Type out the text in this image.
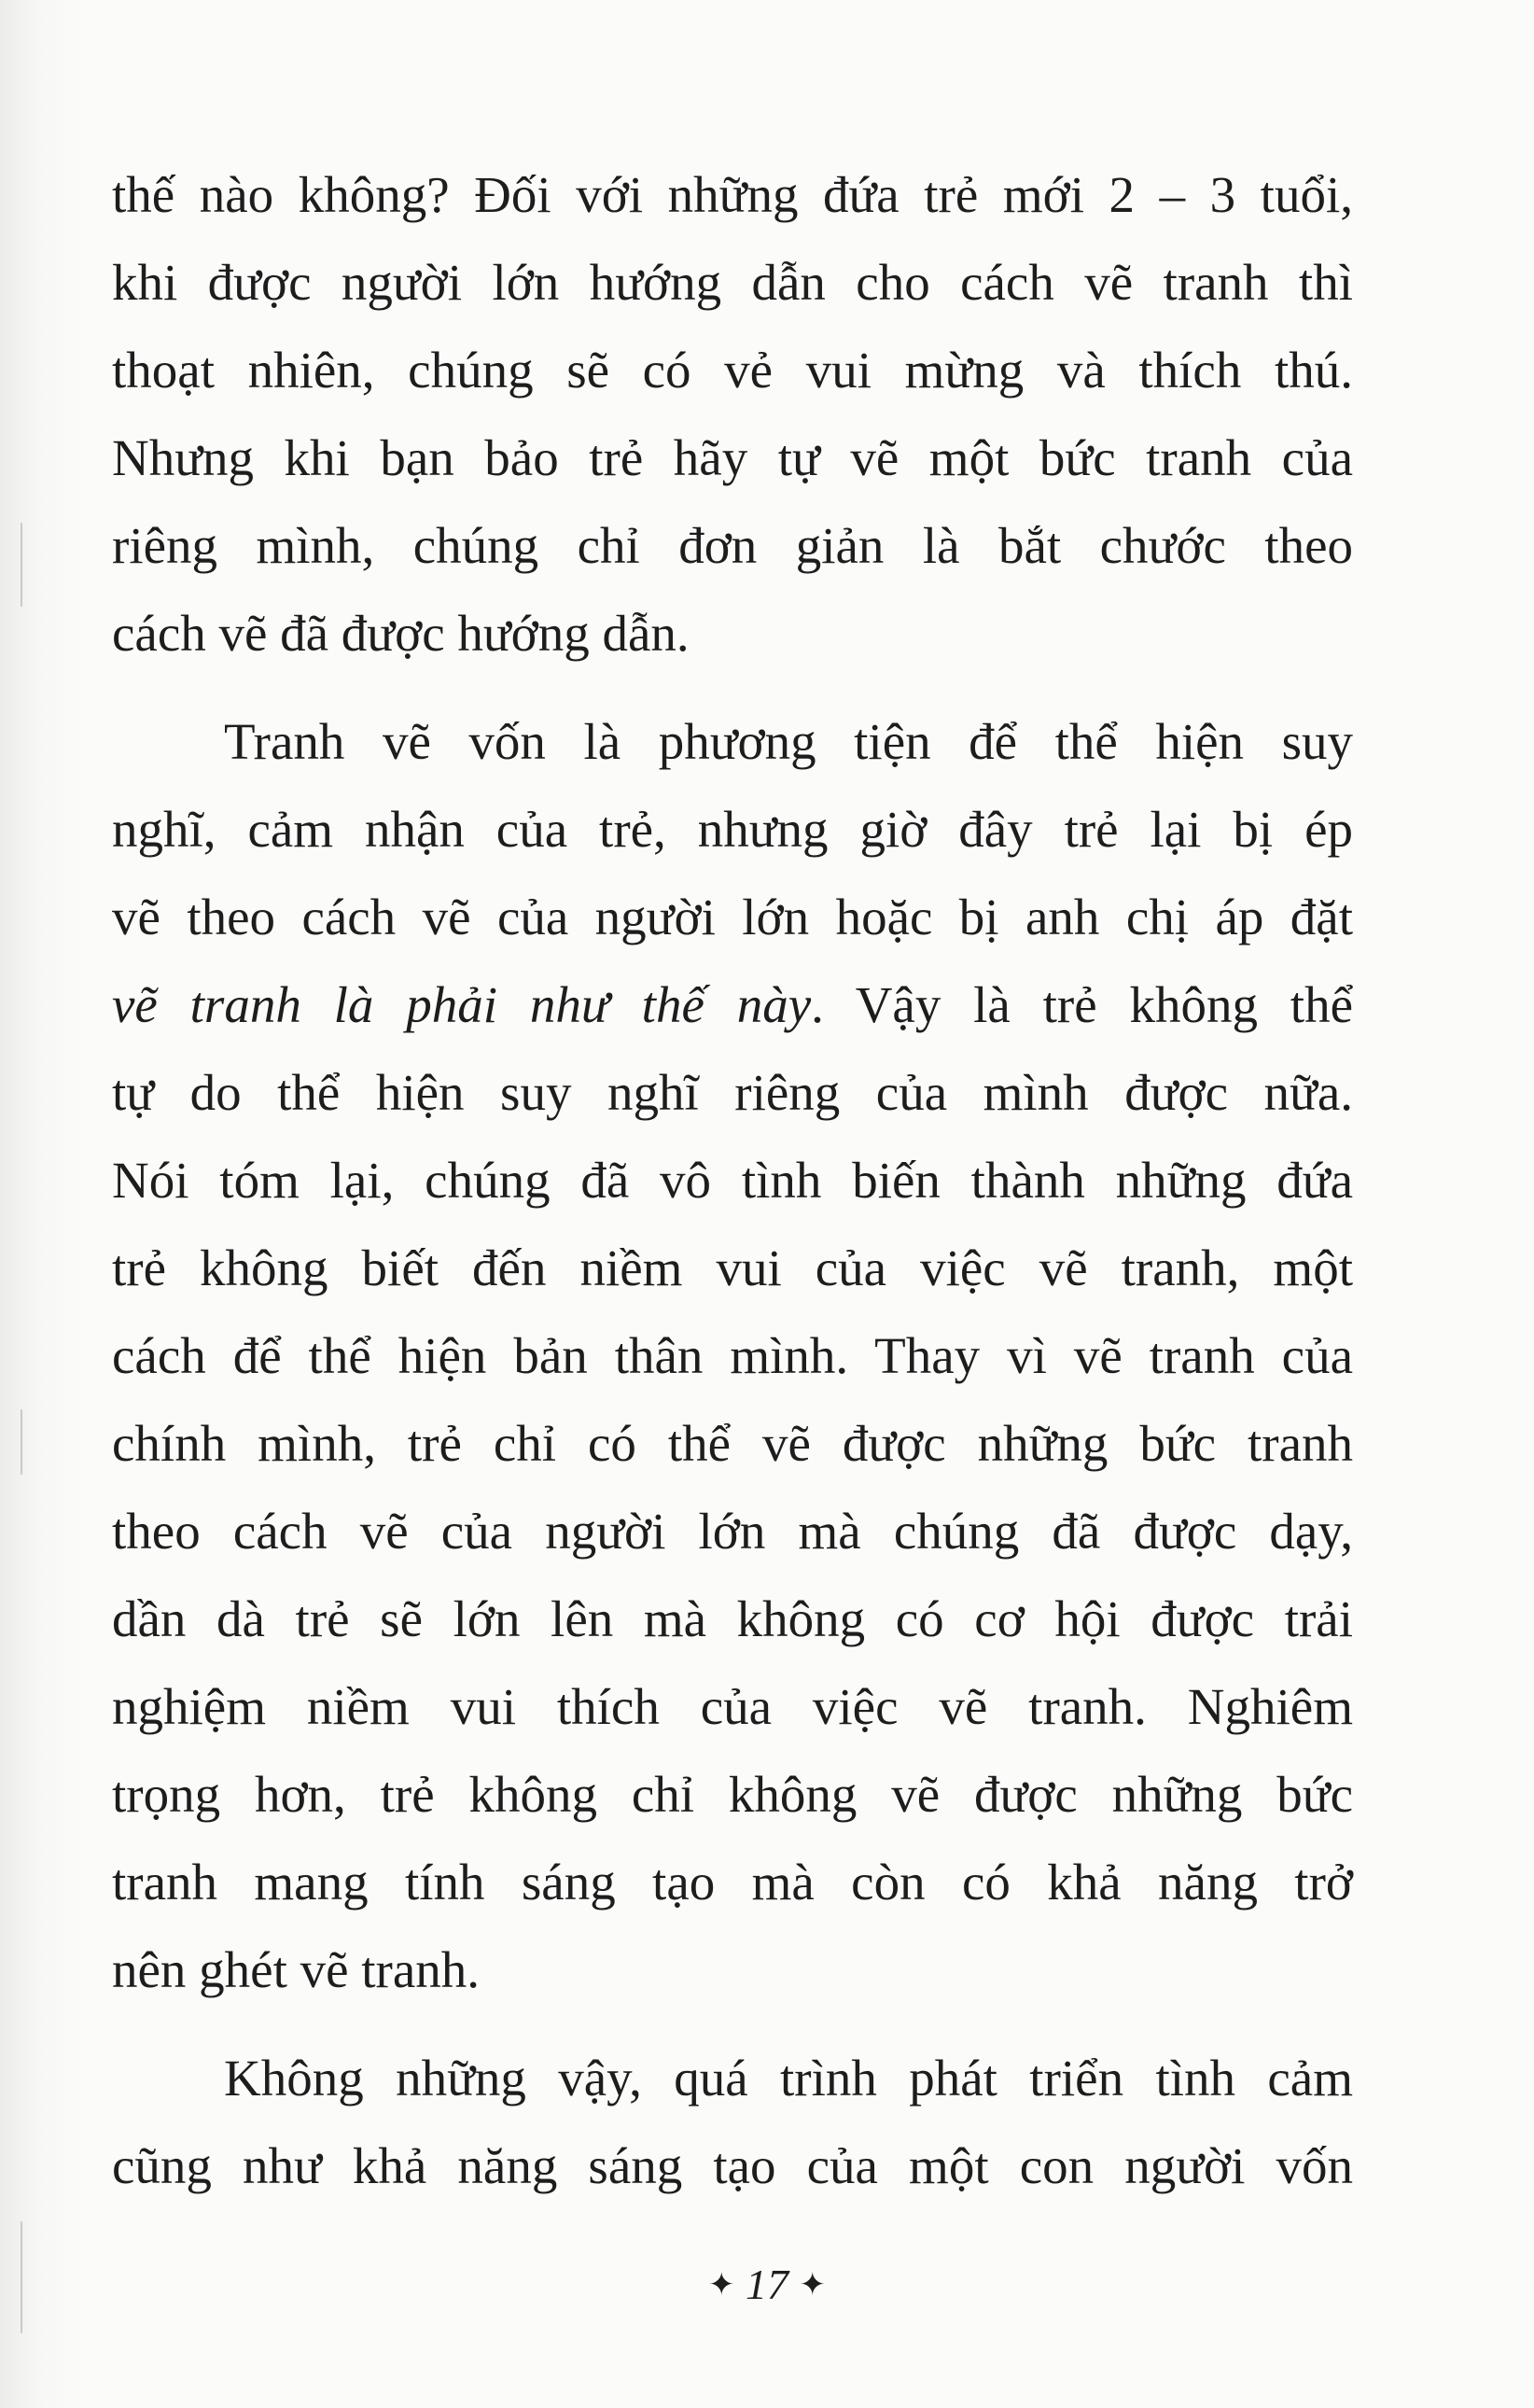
thế nào không? Đối với những đứa trẻ mới 2 – 3 tuổi,
khi được người lớn hướng dẫn cho cách vẽ tranh thì
thoạt nhiên, chúng sẽ có vẻ vui mừng và thích thú.
Nhưng khi bạn bảo trẻ hãy tự vẽ một bức tranh của
riêng mình, chúng chỉ đơn giản là bắt chước theo
cách vẽ đã được hướng dẫn.
Tranh vẽ vốn là phương tiện để thể hiện suy
nghĩ, cảm nhận của trẻ, nhưng giờ đây trẻ lại bị ép
vẽ theo cách vẽ của người lớn hoặc bị anh chị áp đặt
vẽ tranh là phải như thế này. Vậy là trẻ không thể
tự do thể hiện suy nghĩ riêng của mình được nữa.
Nói tóm lại, chúng đã vô tình biến thành những đứa
trẻ không biết đến niềm vui của việc vẽ tranh, một
cách để thể hiện bản thân mình. Thay vì vẽ tranh của
chính mình, trẻ chỉ có thể vẽ được những bức tranh
theo cách vẽ của người lớn mà chúng đã được dạy,
dần dà trẻ sẽ lớn lên mà không có cơ hội được trải
nghiệm niềm vui thích của việc vẽ tranh. Nghiêm
trọng hơn, trẻ không chỉ không vẽ được những bức
tranh mang tính sáng tạo mà còn có khả năng trở
nên ghét vẽ tranh.
Không những vậy, quá trình phát triển tình cảm
cũng như khả năng sáng tạo của một con người vốn
✦ 17 ✦
